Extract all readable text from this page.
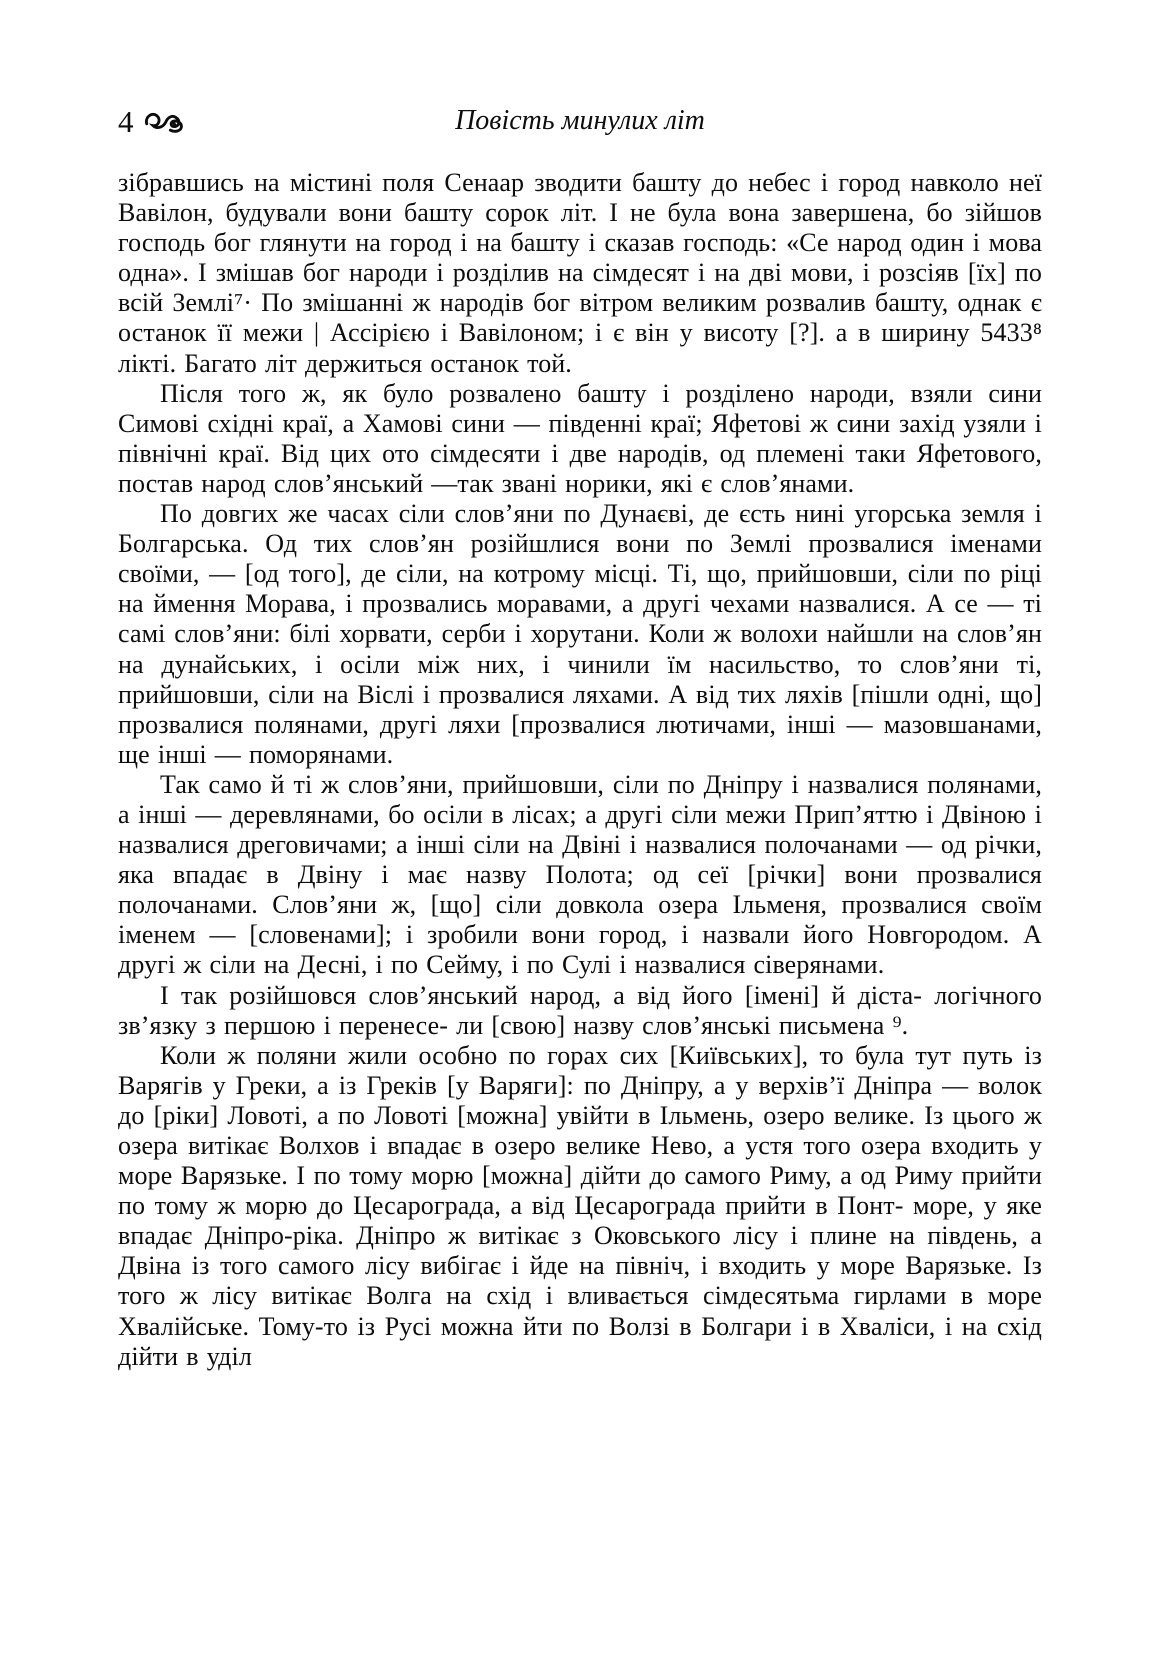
4	Повість минулих літ

зібравшись на містині поля Сенаар зводити башту до небес і город навколо неї Вавілон, будували вони башту сорок літ. І не була вона завершена, бо зійшов господь бог глянути на город і на башту і сказав господь: «Се народ один і мова одна». І змішав бог народи і розділив на сімдесят і на дві мови, і розсіяв [їх] по всій Землі⁷· По змішанні ж народів бог вітром великим розвалив башту, однак є останок її межи | Ассірією і Вавілоном; і є він у висоту [?]. а в ширину 5433⁸ лікті. Багато літ держиться останок той.

Після того ж, як було розвалено башту і розділено народи, взяли сини Симові східні краї, а Хамові сини — південні краї; Яфетові ж сини захід узяли і північні краї. Від цих ото сімдесяти і две народів, од племені таки Яфетового, постав народ слов’янський —так звані норики, які є слов’янами.

По довгих же часах сіли слов’яни по Дунаєві, де єсть нині угорська земля і Болгарська. Од тих слов’ян розійшлися вони по Землі прозвалися іменами своїми, — [од того], де сіли, на котрому місці. Ті, що, прийшовши, сіли по ріці на ймення Морава, і прозвались моравами, а другі чехами назвалися. А се — ті самі слов’яни: білі хорвати, серби і хорутани. Коли ж волохи найшли на слов’ян на дунайських, і осіли між них, і чинили їм насильство, то слов’яни ті, прийшовши, сіли на Віслі і прозвалися ляхами. А від тих ляхів [пішли одні, що] прозвалися полянами, другі ляхи [прозвалися лютичами, інші — мазовшанами, ще інші — поморянами.

Так само й ті ж слов’яни, прийшовши, сіли по Дніпру і назвалися полянами, а інші — деревлянами, бо осіли в лісах; а другі сіли межи Прип’яттю і Двіною і назвалися дреговичами; а інші сіли на Двіні і назвалися полочанами — од річки, яка впадає в Двіну і має назву Полота; од сеї [річки] вони прозвалися полочанами. Слов’яни ж, [що] сіли довкола озера Ільменя, прозвалися своїм іменем — [словенами]; і зробили вони город, і назвали його Новгородом. А другі ж сіли на Десні, і по Сейму, і по Сулі і назвалися сіверянами.

І так розійшовся слов’янський народ, а від його [імені] й діста- логічного зв’язку з першою і перенесе- ли [свою] назву слов’янські письмена ⁹.

Коли ж поляни жили особно по горах сих [Київських], то була тут путь із Варягів у Греки, а із Греків [у Варяги]: по Дніпру, а у верхів’ї Дніпра — волок до [ріки] Ловоті, а по Ловоті [можна] увійти в Ільмень, озеро велике. Із цього ж озера витікає Волхов і впадає в озеро велике Нево, а устя того озера входить у море Варязьке. І по тому морю [можна] дійти до самого Риму, а од Риму прийти по тому ж морю до Цесарограда, а від Цесарограда прийти в Понт- море, у яке впадає Дніпро-ріка. Дніпро ж витікає з Оковського лісу і плине на південь, а Двіна із того самого лісу вибігає і йде на північ, і входить у море Варязьке. Із того ж лісу витікає Волга на схід і вливається сімдесятьма гирлами в море Хвалійське. Тому-то із Русі можна йти по Волзі в Болгари і в Хваліси, і на схід дійти в уділ
